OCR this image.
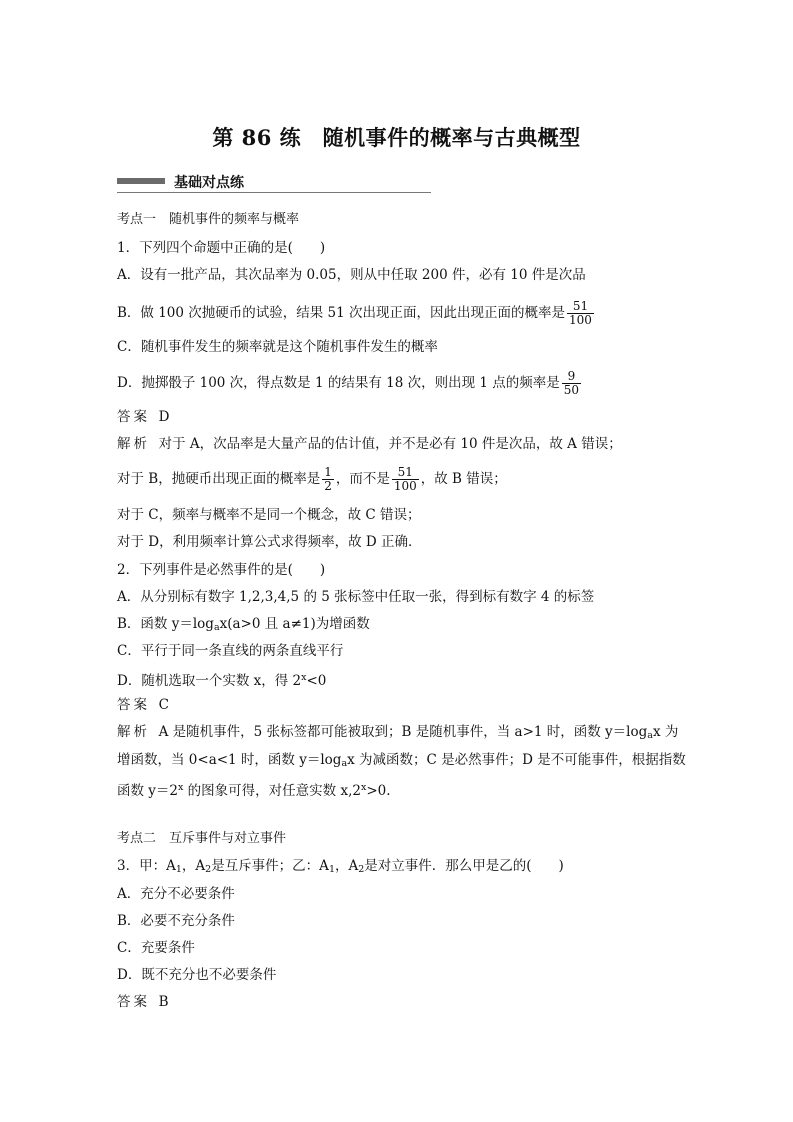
第 86 练　随机事件的概率与古典概型
基础对点练
考点一　随机事件的频率与概率
1．下列四个命题中正确的是(　　)
A．设有一批产品，其次品率为 0.05，则从中任取 200 件，必有 10 件是次品
B．做 100 次抛硬币的试验，结果 51 次出现正面，因此出现正面的概率是 $\frac{51}{100}$
C．随机事件发生的频率就是这个随机事件发生的概率
D．抛掷骰子 100 次，得点数是 1 的结果有 18 次，则出现 1 点的频率是 $\frac{9}{50}$
答案 D
解析 对于 A，次品率是大量产品的估计值，并不是必有 10 件是次品，故 A 错误；
对于 B，抛硬币出现正面的概率是 $\frac{1}{2}$ ，而不是 $\frac{51}{100}$ ，故 B 错误；
对于 C，频率与概率不是同一个概念，故 C 错误；
对于 D，利用频率计算公式求得频率，故 D 正确．
2．下列事件是必然事件的是(　　)
A．从分别标有数字 1,2,3,4,5 的 5 张标签中任取一张，得到标有数字 4 的标签
B．函数 $y=\log_ax(a>0$ 且 a≠1)为增函数
C．平行于同一条直线的两条直线平行
D．随机选取一个实数 x，得 $2^x<0$
答案 C
解析 A 是随机事件，5 张标签都可能被取到；B 是随机事件，当 a>1 时，函数 $y=\log_ax$ 为
增函数，当 0<a<1 时，函数 $y=\log_ax$ 为减函数；C 是必然事件；D 是不可能事件，根据指数
函数 $y=2^x$ 的图象可得，对任意实数 $x,2^x>0$.
考点二　互斥事件与对立事件
3．甲：$A_1$，$A_2$是互斥事件；乙：$A_1$，$A_2$是对立事件．那么甲是乙的(　　)
A．充分不必要条件
B．必要不充分条件
C．充要条件
D．既不充分也不必要条件
答案 B
